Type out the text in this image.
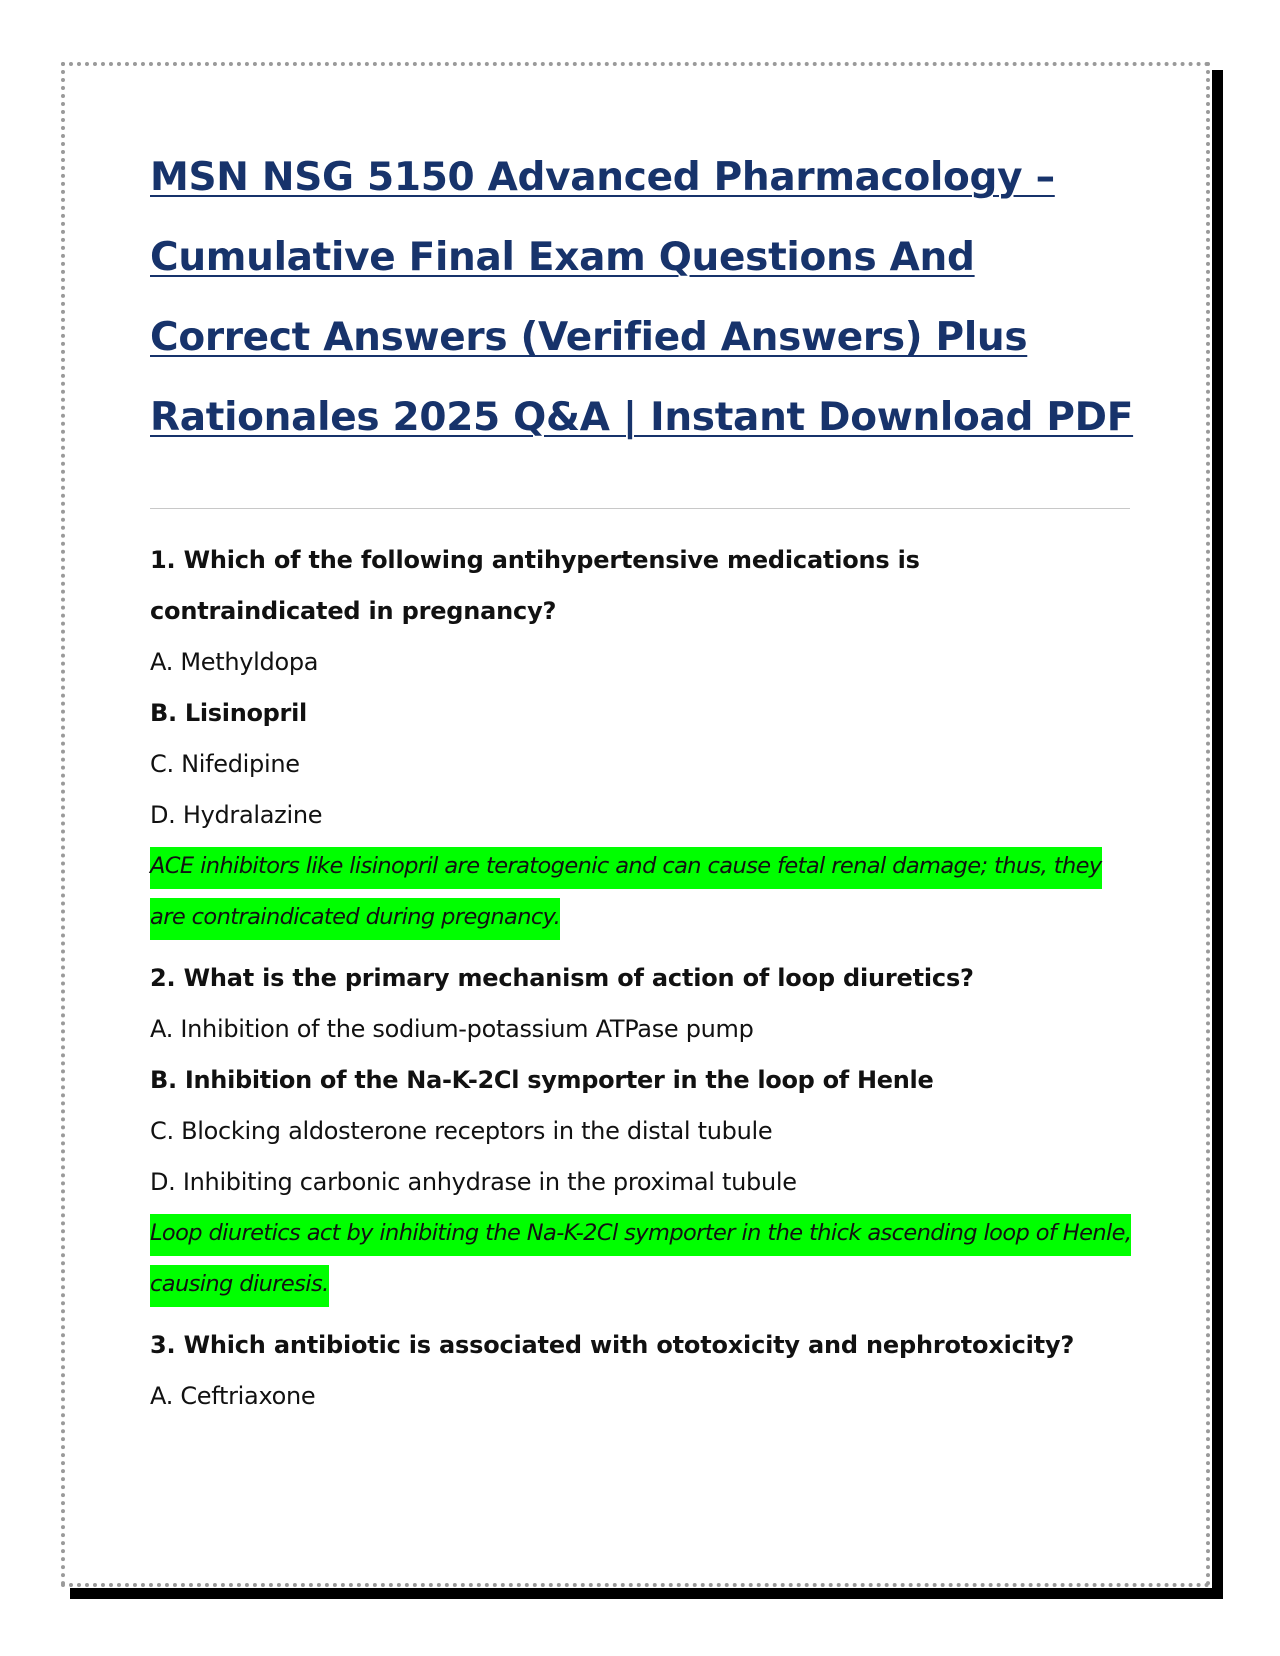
MSN NSG 5150 Advanced Pharmacology – Cumulative Final Exam Questions And Correct Answers (Verified Answers) Plus Rationales 2025 Q&A | Instant Download PDF
1. Which of the following antihypertensive medications is contraindicated in pregnancy?
A. Methyldopa
B. Lisinopril
C. Nifedipine
D. Hydralazine
ACE inhibitors like lisinopril are teratogenic and can cause fetal renal damage; thus, they are contraindicated during pregnancy.
2. What is the primary mechanism of action of loop diuretics?
A. Inhibition of the sodium-potassium ATPase pump
B. Inhibition of the Na-K-2Cl symporter in the loop of Henle
C. Blocking aldosterone receptors in the distal tubule
D. Inhibiting carbonic anhydrase in the proximal tubule
Loop diuretics act by inhibiting the Na-K-2Cl symporter in the thick ascending loop of Henle, causing diuresis.
3. Which antibiotic is associated with ototoxicity and nephrotoxicity?
A. Ceftriaxone
